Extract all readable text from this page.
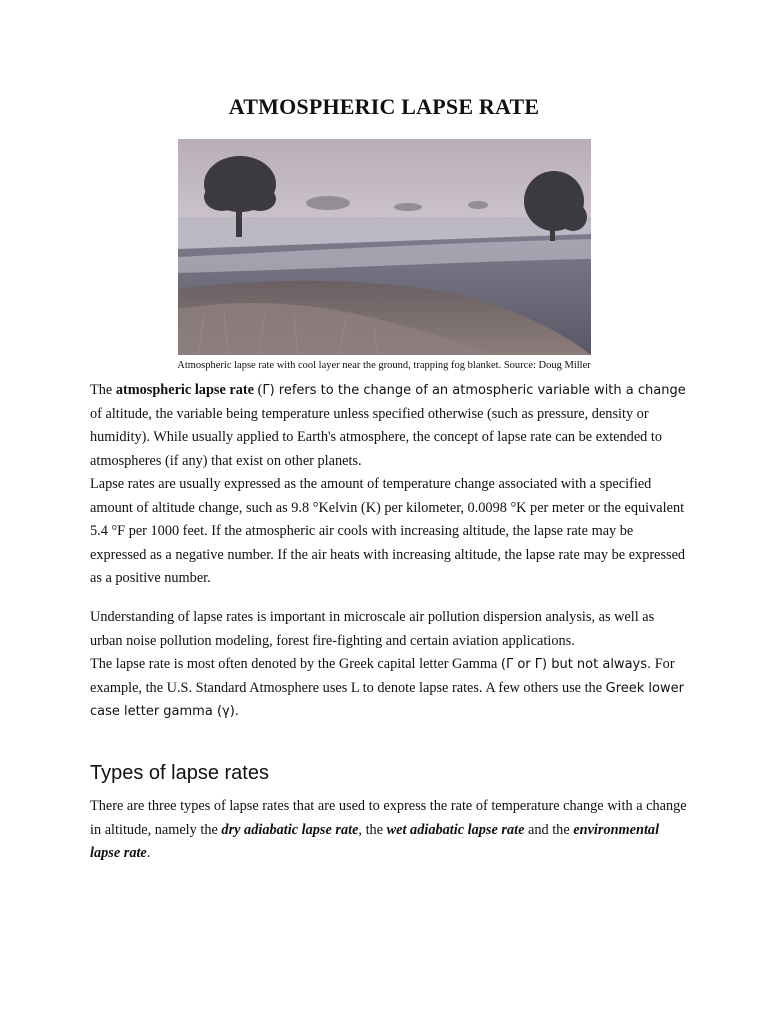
ATMOSPHERIC LAPSE RATE
Atmospheric lapse rate with cool layer near the ground, trapping fog blanket. Source: Doug Miller

The atmospheric lapse rate (Γ) refers to the change of an atmospheric variable with a change of altitude, the variable being temperature unless specified otherwise (such as pressure, density or humidity). While usually applied to Earth's atmosphere, the concept of lapse rate can be extended to atmospheres (if any) that exist on other planets.

Lapse rates are usually expressed as the amount of temperature change associated with a specified amount of altitude change, such as 9.8 °Kelvin (K) per kilometer, 0.0098 °K per meter or the equivalent 5.4 °F per 1000 feet. If the atmospheric air cools with increasing altitude, the lapse rate may be expressed as a negative number. If the air heats with increasing altitude, the lapse rate may be expressed as a positive number.

Understanding of lapse rates is important in microscale air pollution dispersion analysis, as well as urban noise pollution modeling, forest fire-fighting and certain aviation applications.

The lapse rate is most often denoted by the Greek capital letter Gamma (Γ or Γ) but not always. For example, the U.S. Standard Atmosphere uses L to denote lapse rates. A few others use the Greek lower case letter gamma (γ).

Types of lapse rates

There are three types of lapse rates that are used to express the rate of temperature change with a change in altitude, namely the dry adiabatic lapse rate, the wet adiabatic lapse rate and the environmental lapse rate.
